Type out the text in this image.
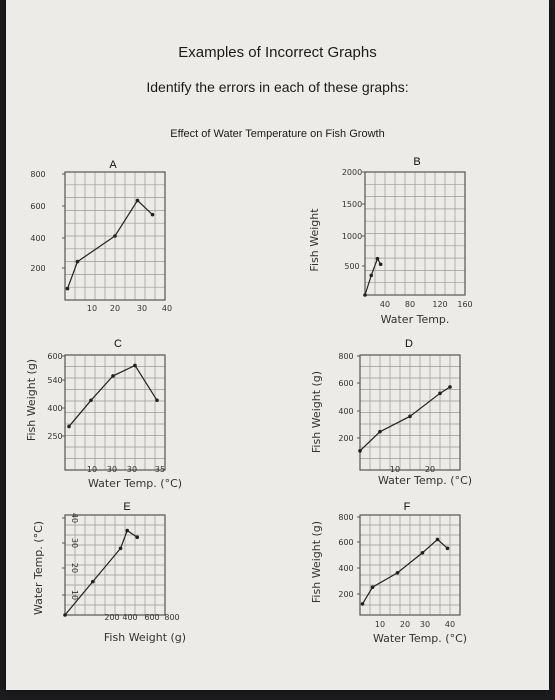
Examples of Incorrect Graphs
Identify the errors in each of these graphs:
Effect of Water Temperature on Fish Growth
A
800
600
400
200
10 20 30 40
B
2000
1500
1000
500
40 80 120 160
Water Temp.
Fish Weight
C
600
540
400
250
10 30 30 35
Water Temp. (°C)
Fish Weight (g)
D
800
600
400
200
10	20
Water Temp. (°C)
Fish Weight (g)
E
40
30
20
10
200 400 600 800
Fish Weight (g)
Water Temp. (°C)
F
800
600
400
200
10 20 30 40
Water Temp. (°C)
Fish Weight (g)
